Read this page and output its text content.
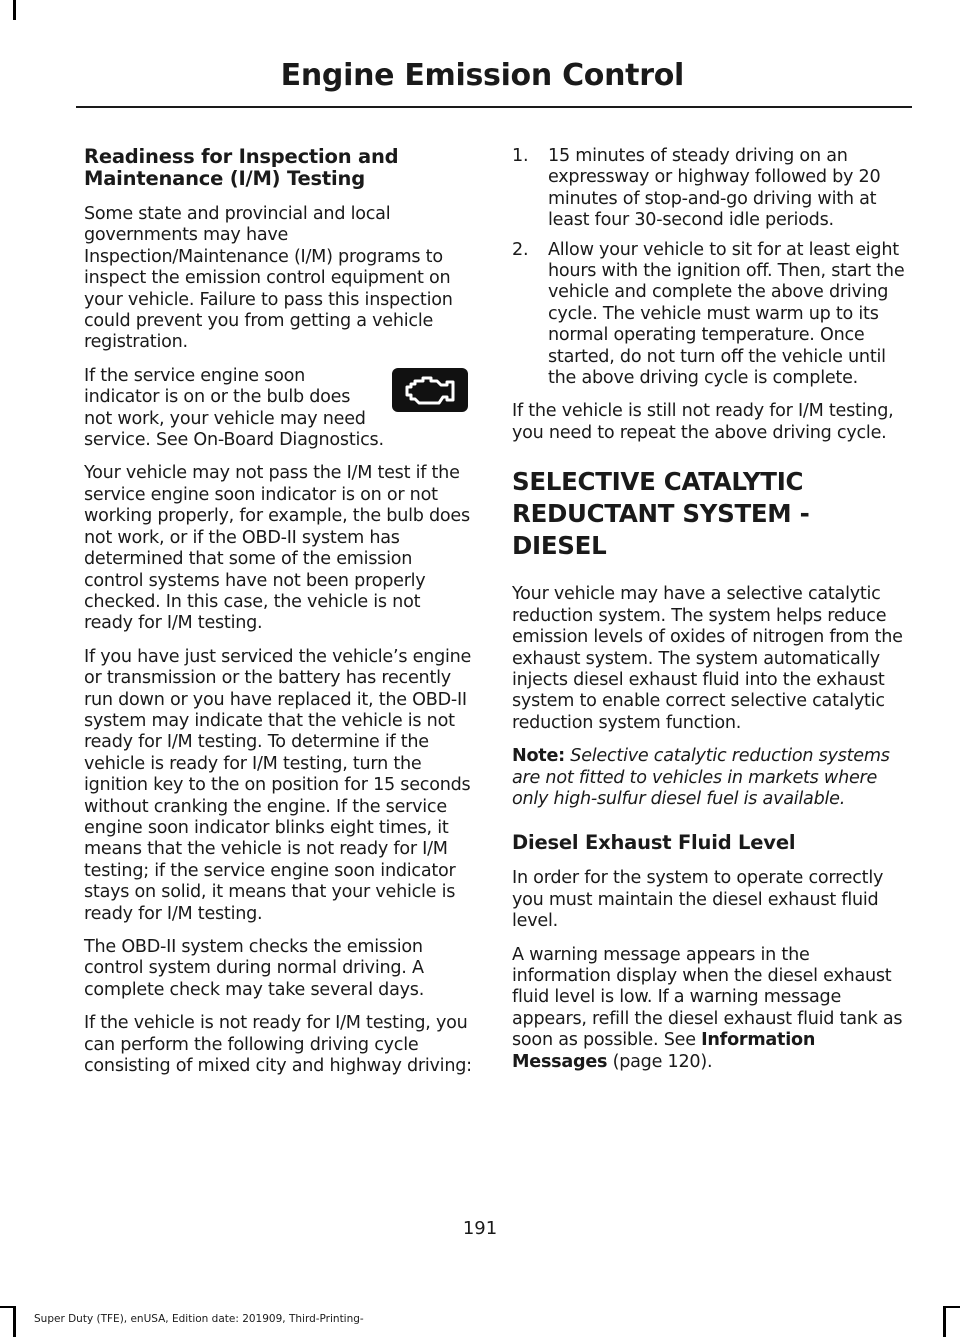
Engine Emission Control
Readiness for Inspection and Maintenance (I/M) Testing

Some state and provincial and local governments may have Inspection/Maintenance (I/M) programs to inspect the emission control equipment on your vehicle. Failure to pass this inspection could prevent you from getting a vehicle registration.

If the service engine soon indicator is on or the bulb does not work, your vehicle may need service. See On-Board Diagnostics.

Your vehicle may not pass the I/M test if the service engine soon indicator is on or not working properly, for example, the bulb does not work, or if the OBD-II system has determined that some of the emission control systems have not been properly checked. In this case, the vehicle is not ready for I/M testing.

If you have just serviced the vehicle’s engine or transmission or the battery has recently run down or you have replaced it, the OBD-II system may indicate that the vehicle is not ready for I/M testing. To determine if the vehicle is ready for I/M testing, turn the ignition key to the on position for 15 seconds without cranking the engine. If the service engine soon indicator blinks eight times, it means that the vehicle is not ready for I/M testing; if the service engine soon indicator stays on solid, it means that your vehicle is ready for I/M testing.

The OBD-II system checks the emission control system during normal driving. A complete check may take several days.

If the vehicle is not ready for I/M testing, you can perform the following driving cycle consisting of mixed city and highway driving:

1. 15 minutes of steady driving on an expressway or highway followed by 20 minutes of stop-and-go driving with at least four 30-second idle periods.
2. Allow your vehicle to sit for at least eight hours with the ignition off. Then, start the vehicle and complete the above driving cycle. The vehicle must warm up to its normal operating temperature. Once started, do not turn off the vehicle until the above driving cycle is complete.

If the vehicle is still not ready for I/M testing, you need to repeat the above driving cycle.

SELECTIVE CATALYTIC REDUCTANT SYSTEM - DIESEL

Your vehicle may have a selective catalytic reduction system. The system helps reduce emission levels of oxides of nitrogen from the exhaust system. The system automatically injects diesel exhaust fluid into the exhaust system to enable correct selective catalytic reduction system function.

Note: Selective catalytic reduction systems are not fitted to vehicles in markets where only high-sulfur diesel fuel is available.

Diesel Exhaust Fluid Level

In order for the system to operate correctly you must maintain the diesel exhaust fluid level.

A warning message appears in the information display when the diesel exhaust fluid level is low. If a warning message appears, refill the diesel exhaust fluid tank as soon as possible. See Information Messages (page 120).

191
Super Duty (TFE), enUSA, Edition date: 201909, Third-Printing-
